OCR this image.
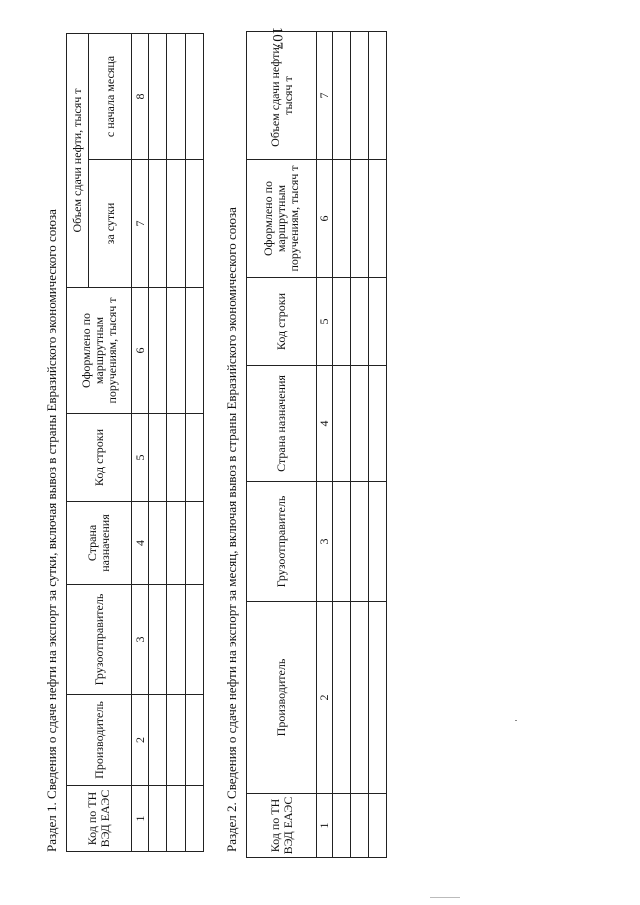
107
Раздел 1. Сведения о сдаче нефти на экспорт за сутки, включая вывоз в страны Евразийского экономического союза Код по ТН ВЭД ЕАЭС	Производитель	Грузоотправитель	Страна назначения	Код строки	Оформлено по маршрутным поручениям, тысяч т	Объем сдачи нефти, тысяч т	
						за сутки	с начала месяца
1	2	3	4	5	6	7	8

Раздел 2. Сведения о сдаче нефти на экспорт за месяц, включая вывоз в страны Евразийского экономического союза Код по ТН ВЭД ЕАЭС	Производитель	Грузоотправитель	Страна назначения	Код строки	Оформлено по маршрутным поручениям, тысяч т	Объем сдачи нефти, тысяч т
1	2	3	4	5	6	7
